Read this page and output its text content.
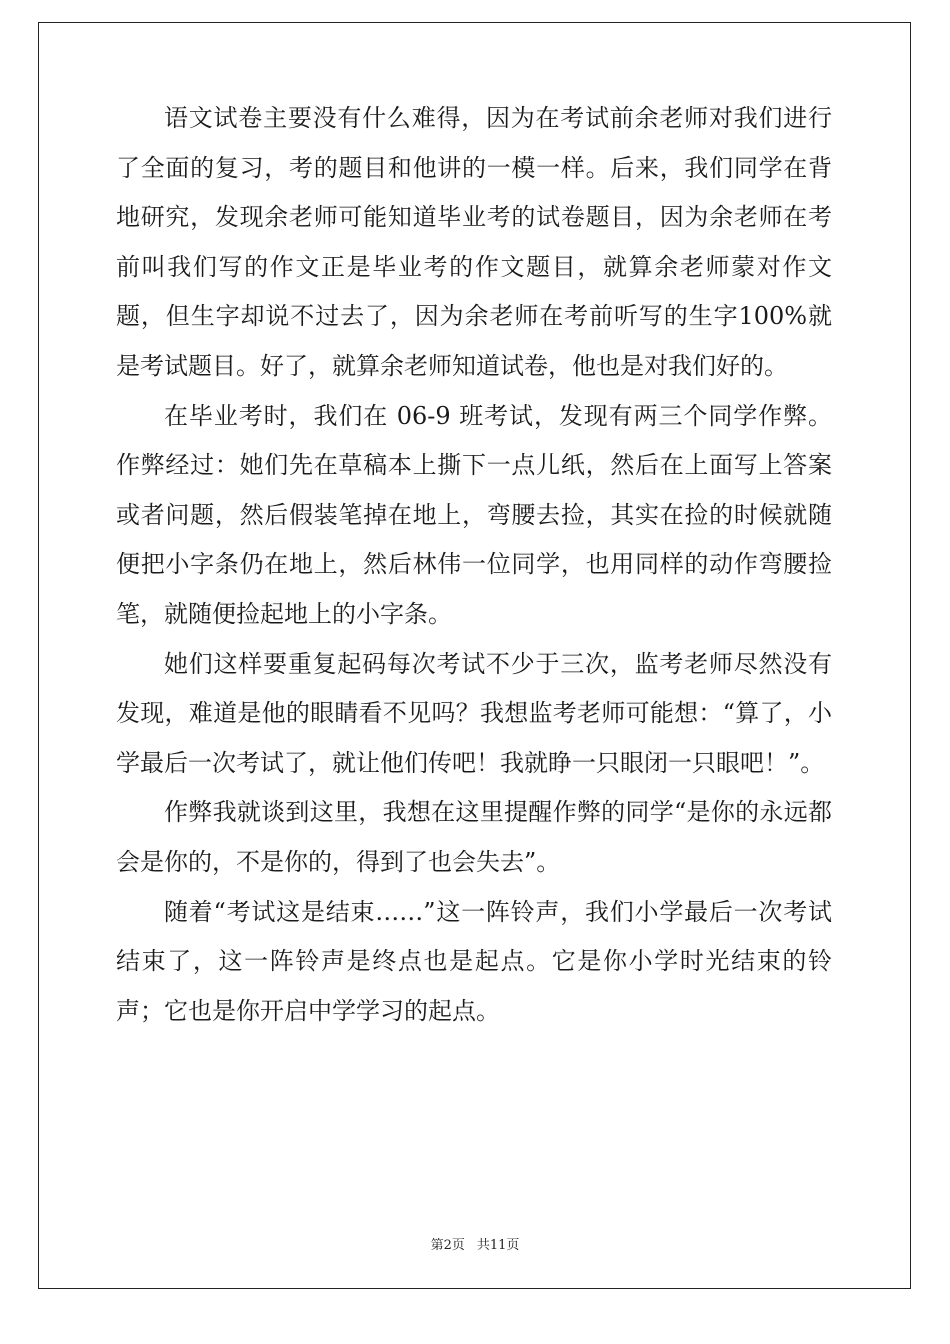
语文试卷主要没有什么难得，因为在考试前余老师对我们进行了全面的复习，考的题目和他讲的一模一样。后来，我们同学在背地研究，发现余老师可能知道毕业考的试卷题目，因为余老师在考前叫我们写的作文正是毕业考的作文题目，就算余老师蒙对作文题，但生字却说不过去了，因为余老师在考前听写的生字100%就是考试题目。好了，就算余老师知道试卷，他也是对我们好的。

在毕业考时，我们在 06-9 班考试，发现有两三个同学作弊。作弊经过：她们先在草稿本上撕下一点儿纸，然后在上面写上答案或者问题，然后假装笔掉在地上，弯腰去捡，其实在捡的时候就随便把小字条仍在地上，然后林伟一位同学，也用同样的动作弯腰捡笔，就随便捡起地上的小字条。

她们这样要重复起码每次考试不少于三次，监考老师尽然没有发现，难道是他的眼睛看不见吗？我想监考老师可能想：“算了，小学最后一次考试了，就让他们传吧！我就睁一只眼闭一只眼吧！”。

作弊我就谈到这里，我想在这里提醒作弊的同学“是你的永远都会是你的，不是你的，得到了也会失去”。

随着“考试这是结束……”这一阵铃声，我们小学最后一次考试结束了，这一阵铃声是终点也是起点。它是你小学时光结束的铃声；它也是你开启中学学习的起点。

第2页 共11页
